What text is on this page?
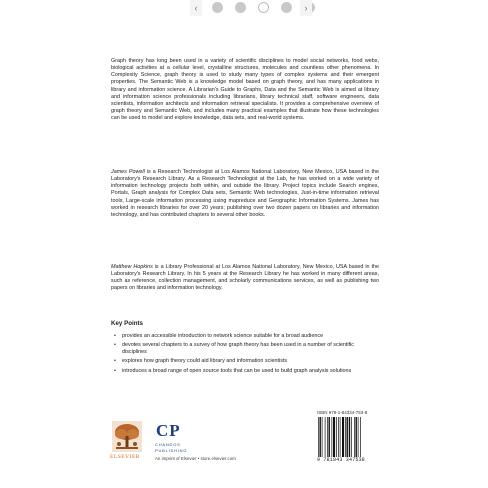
‹	›

Graph theory has long been used in a variety of scientific disciplines to model social networks, food webs, biological activities at a cellular level, crystalline structures, molecules and countless other phenomena. In Complexity Science, graph theory is used to study many types of complex systems and their emergent properties. The Semantic Web is a knowledge model based on graph theory, and has many applications in library and information science. A Librarian's Guide to Graphs, Data and the Semantic Web is aimed at library and information science professionals including librarians, library technical staff, software engineers, data scientists, information architects and information retrieval specialists. It provides a comprehensive overview of graph theory and Semantic Web, and includes many practical examples that illustrate how these technologies can be used to model and explore knowledge, data sets, and real-world systems.

James Powell is a Research Technologist at Los Alamos National Laboratory, New Mexico, USA based in the Laboratory's Research Library. As a Research Technologist at the Lab, he has worked on a wide variety of information technology projects both within, and outside the library. Project topics include Search engines, Portals, Graph analysis for Complex Data sets, Semantic Web technologies, Just-in-time information retrieval tools, Large-scale information processing using mapreduce and Geographic Information Systems. James has worked in research libraries for over 20 years; publishing over two dozen papers on libraries and information technology, and has contributed chapters to several other books.

Matthew Hopkins is a Library Professional at Los Alamos National Laboratory, New Mexico, USA based in the Laboratory's Research Library. In his 5 years at the Research Library he has worked in many different areas, such as reference, collection management, and scholarly communications services, as well as publishing two papers on libraries and information technology.

Key Points
• provides an accessible introduction to network science suitable for a broad audience
• devotes several chapters to a survey of how graph theory has been used in a number of scientific disciplines
• explores how graph theory could aid library and information scientists
• introduces a broad range of open source tools that can be used to build graph analysis solutions
ELSEVIER
CP
CHANDOS
PUBLISHING
An imprint of Elsevier • store.elsevier.com
ISBN 978-1-84334-753-8
9 781843 347538
